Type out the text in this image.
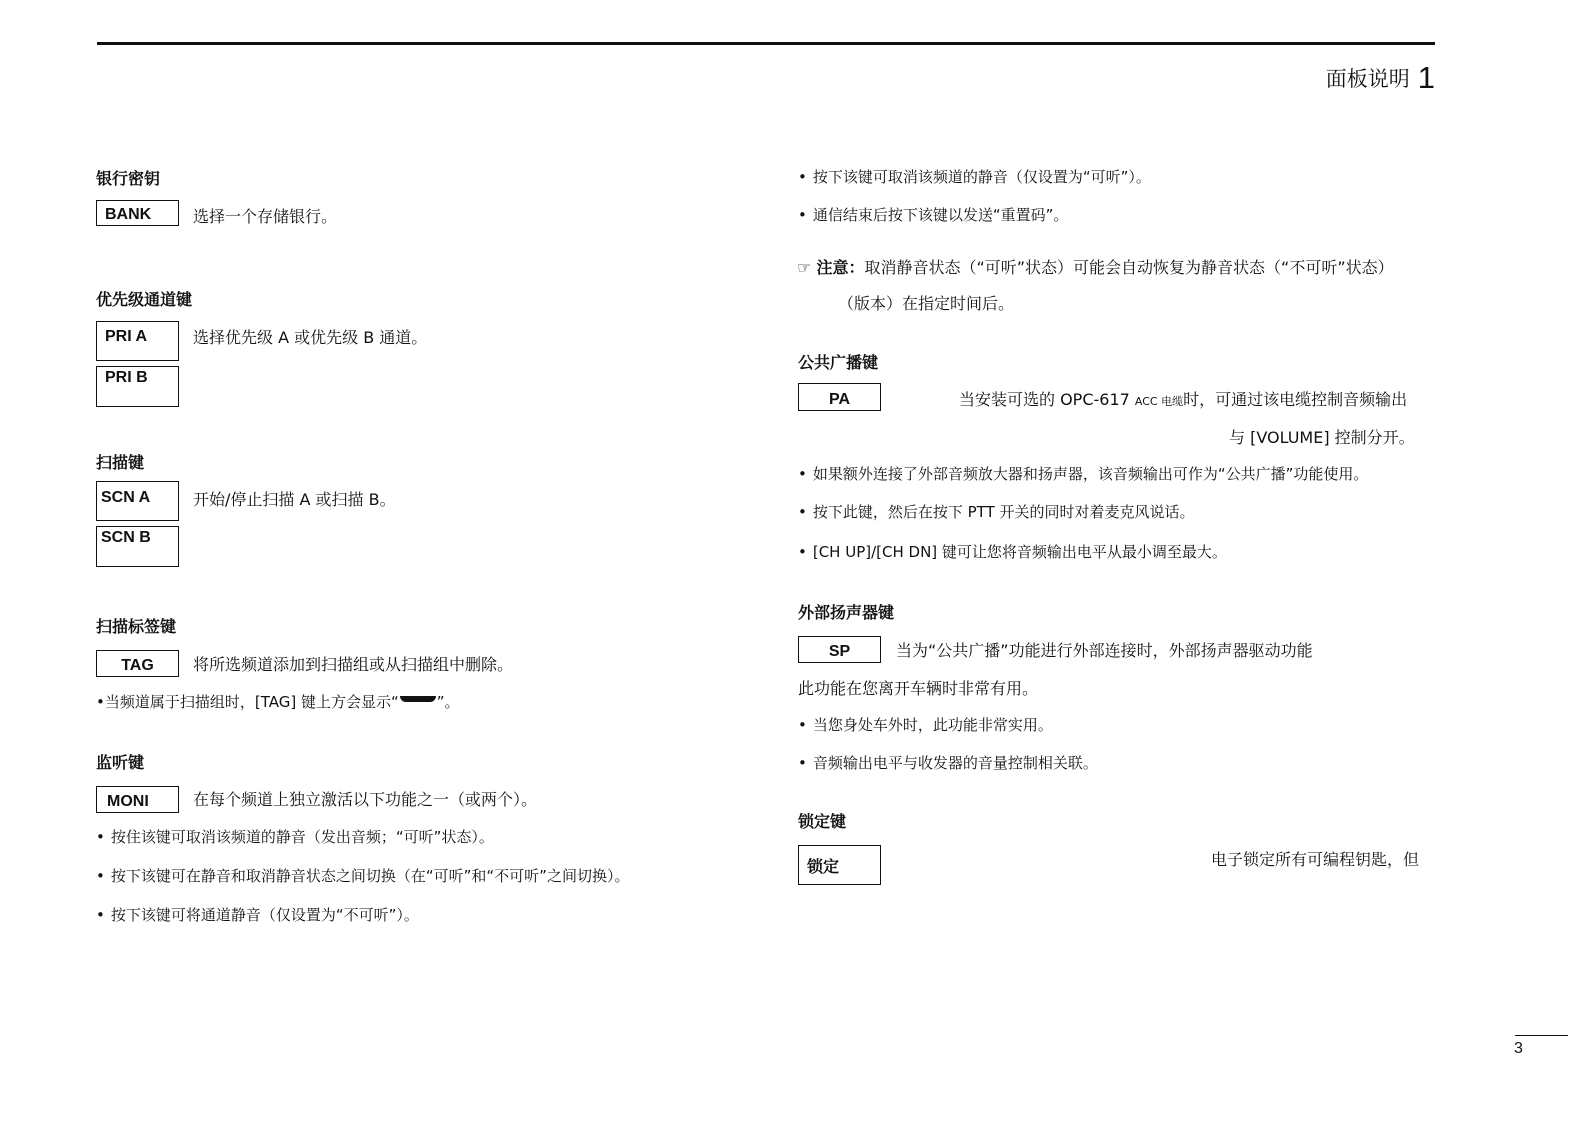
面板说明 1
银行密钥
BANK	选择一个存储银行。
优先级通道键
PRI A
PRI B
选择优先级 A 或优先级 B 通道。
扫描键
SCN A
SCN B
开始/停止扫描 A 或扫描 B。
扫描标签键
TAG	将所选频道添加到扫描组或从扫描组中删除。
•当频道属于扫描组时，[TAG] 键上方会显示“	”。
监听键
MONI	在每个频道上独立激活以下功能之一（或两个）。
• 按住该键可取消该频道的静音（发出音频；“可听”状态）。
• 按下该键可在静音和取消静音状态之间切换（在“可听”和“不可听”之间切换）。
• 按下该键可将通道静音（仅设置为“不可听”）。
• 按下该键可取消该频道的静音（仅设置为“可听”）。
• 通信结束后按下该键以发送“重置码”。
☞ 注意：取消静音状态（“可听”状态）可能会自动恢复为静音状态（“不可听”状态）
（版本）在指定时间后。
公共广播键
PA	当安装可选的 OPC-617 ACC 电缆时，可通过该电缆控制音频输出
与 [VOLUME] 控制分开。
• 如果额外连接了外部音频放大器和扬声器，该音频输出可作为“公共广播”功能使用。
• 按下此键，然后在按下 PTT 开关的同时对着麦克风说话。
• [CH UP]/[CH DN] 键可让您将音频输出电平从最小调至最大。
外部扬声器键
SP	当为“公共广播”功能进行外部连接时，外部扬声器驱动功能
此功能在您离开车辆时非常有用。
• 当您身处车外时，此功能非常实用。
• 音频输出电平与收发器的音量控制相关联。
锁定键
锁定	电子锁定所有可编程钥匙，但
3
